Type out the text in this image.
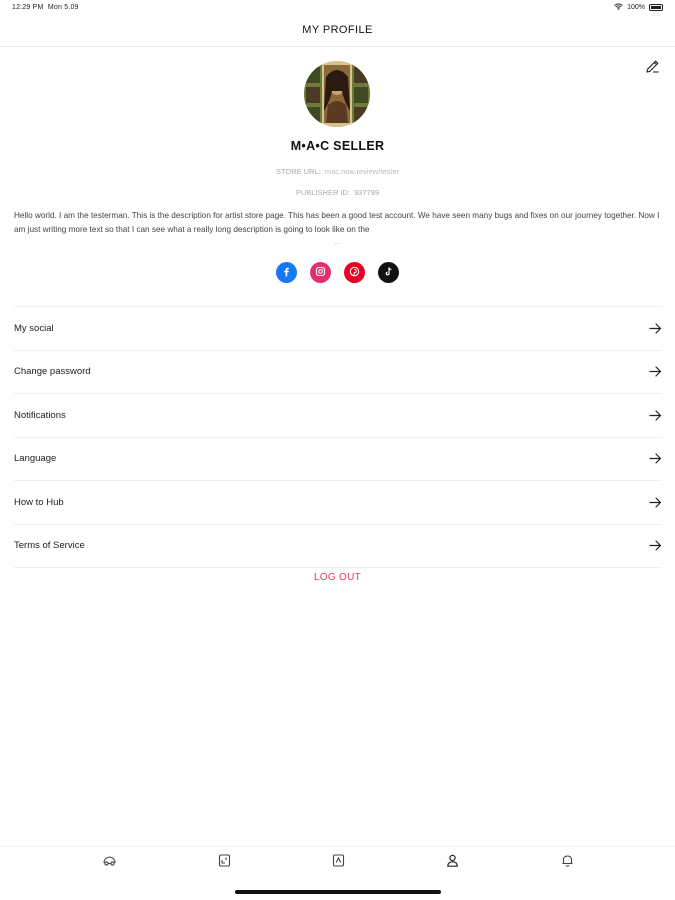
12:29 PM Mon 5.09	100%
MY PROFILE
M•A•C SELLER
STORE URL: mac.now.review/tester
PUBLISHER ID: 937799
Hello world. I am the testerman. This is the description for artist store page. This has been a good test account. We have seen many bugs and fixes on our journey together. Now I am just writing more text so that I can see what a really long description is going to look like on the
...
My social
Change password
Notifications
Language
How to Hub
Terms of Service
LOG OUT
